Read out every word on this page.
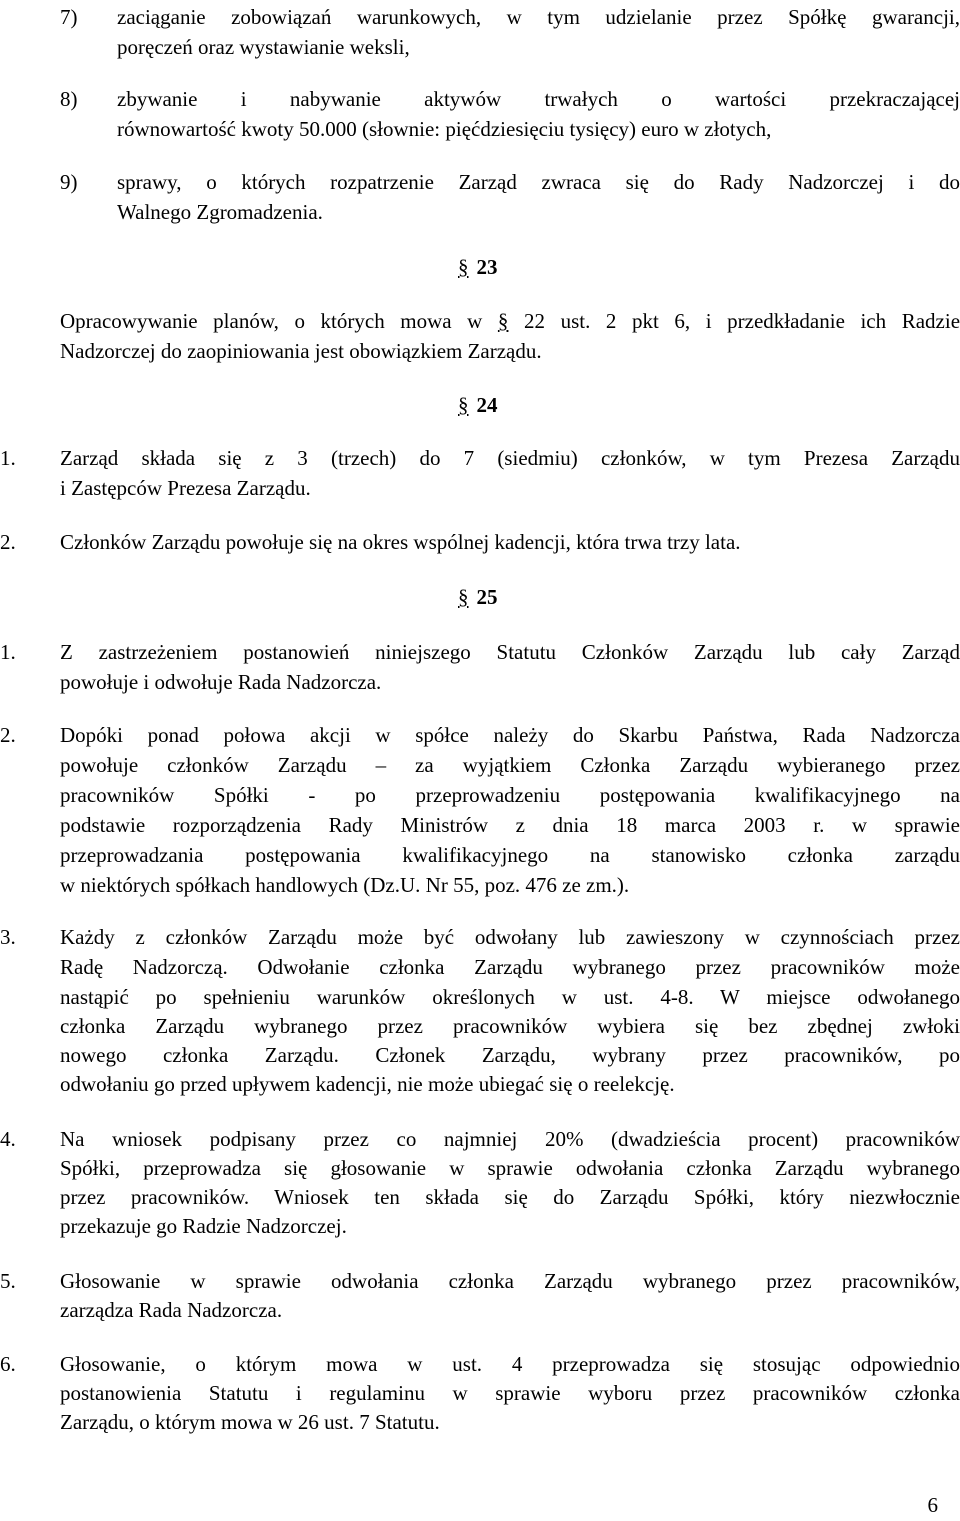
7) zaciąganie zobowiązań warunkowych, w tym udzielanie przez Spółkę gwarancji,
poręczeń oraz wystawianie weksli,
8) zbywanie i nabywanie aktywów trwałych o wartości przekraczającej
równowartość kwoty 50.000 (słownie: pięćdziesięciu tysięcy) euro w złotych,
9) sprawy, o których rozpatrzenie Zarząd zwraca się do Rady Nadzorczej i do
Walnego Zgromadzenia.
§ 23
Opracowywanie planów, o których mowa w § 22 ust. 2 pkt 6, i przedkładanie ich Radzie
Nadzorczej do zaopiniowania jest obowiązkiem Zarządu.
§ 24
1. Zarząd składa się z 3 (trzech) do 7 (siedmiu) członków, w tym Prezesa Zarządu
i Zastępców Prezesa Zarządu.
2. Członków Zarządu powołuje się na okres wspólnej kadencji, która trwa trzy lata.
§ 25
1. Z zastrzeżeniem postanowień niniejszego Statutu Członków Zarządu lub cały Zarząd
powołuje i odwołuje Rada Nadzorcza.
2. Dopóki ponad połowa akcji w spółce należy do Skarbu Państwa, Rada Nadzorcza
powołuje członków Zarządu – za wyjątkiem Członka Zarządu wybieranego przez
pracowników Spółki - po przeprowadzeniu postępowania kwalifikacyjnego na
podstawie rozporządzenia Rady Ministrów z dnia 18 marca 2003 r. w sprawie
przeprowadzania postępowania kwalifikacyjnego na stanowisko członka zarządu
w niektórych spółkach handlowych (Dz.U. Nr 55, poz. 476 ze zm.).
3. Każdy z członków Zarządu może być odwołany lub zawieszony w czynnościach przez
Radę Nadzorczą. Odwołanie członka Zarządu wybranego przez pracowników może
nastąpić po spełnieniu warunków określonych w ust. 4-8. W miejsce odwołanego
członka Zarządu wybranego przez pracowników wybiera się bez zbędnej zwłoki
nowego członka Zarządu. Członek Zarządu, wybrany przez pracowników, po
odwołaniu go przed upływem kadencji, nie może ubiegać się o reelekcję.
4. Na wniosek podpisany przez co najmniej 20% (dwadzieścia procent) pracowników
Spółki, przeprowadza się głosowanie w sprawie odwołania członka Zarządu wybranego
przez pracowników. Wniosek ten składa się do Zarządu Spółki, który niezwłocznie
przekazuje go Radzie Nadzorczej.
5. Głosowanie w sprawie odwołania członka Zarządu wybranego przez pracowników,
zarządza Rada Nadzorcza.
6. Głosowanie, o którym mowa w ust. 4 przeprowadza się stosując odpowiednio
postanowienia Statutu i regulaminu w sprawie wyboru przez pracowników członka
Zarządu, o którym mowa w 26 ust. 7 Statutu.
6
